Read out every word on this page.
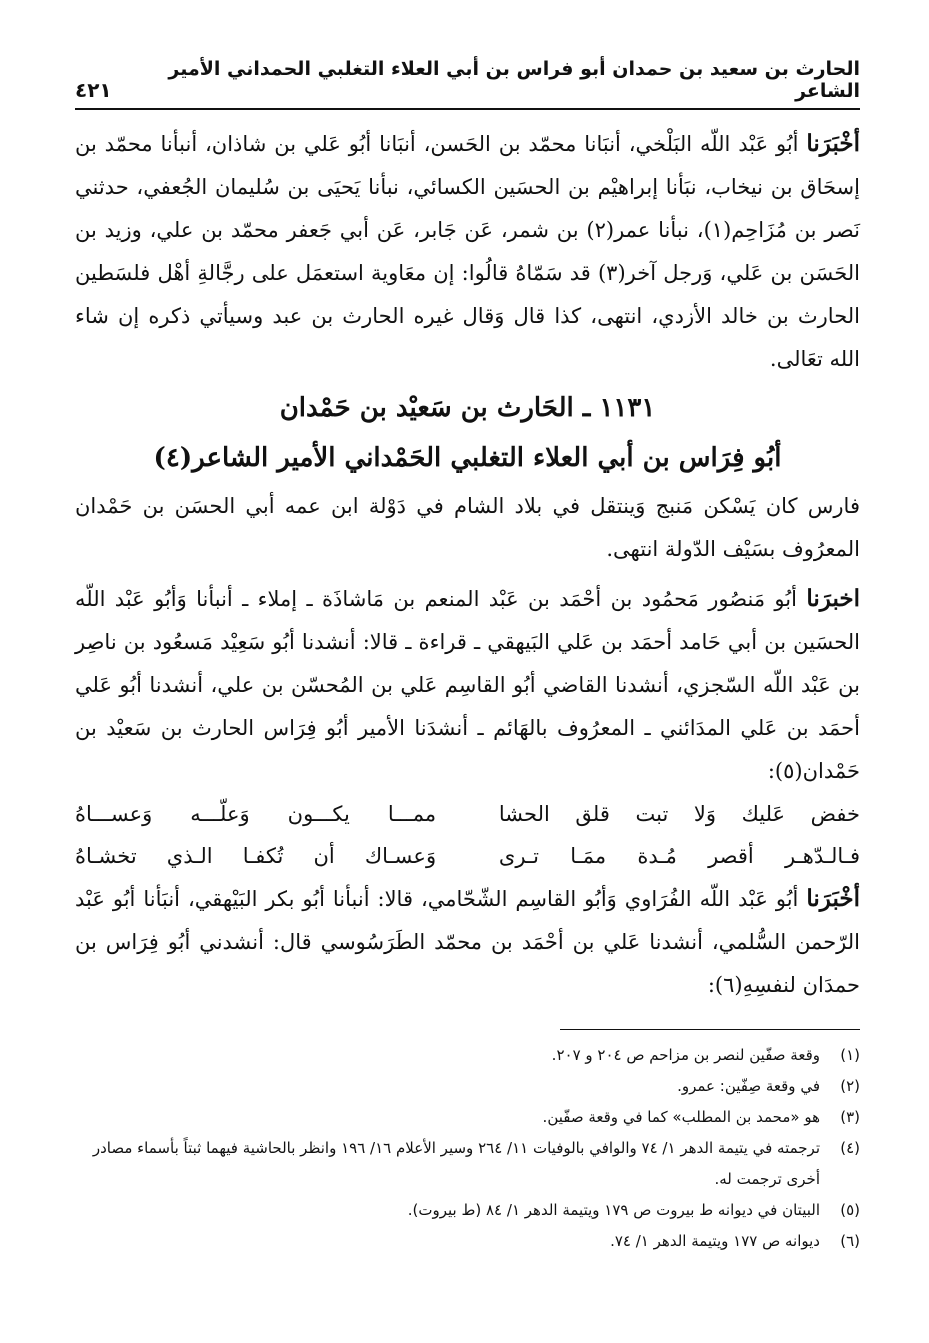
الحارث بن سعيد بن حمدان أبو فراس بن أبي العلاء التغلبي الحمداني الأمير الشاعر
٤٢١

أخْبَرَنا أبُو عَبْد اللّه البَلْخي، أنبَانا محمّد بن الحَسن، أنبَانا أبُو عَلي بن شاذان، أنبأنا محمّد بن إسحَاق بن نيخاب، نبَأنا إبراهيْم بن الحسَين الكسائي، نبأنا يَحيَى بن سُليمان الجُعفي، حدثني نَصر بن مُزَاحِم(١)، نبأنا عمر(٢) بن شمر، عَن جَابر، عَن أبي جَعفر محمّد بن علي، وزيد بن الحَسَن بن عَلي، وَرجل آخر(٣) قد سَمّاهُ قالُوا: إن معَاوية استعمَل على رجَّالةِ أهْل فلسَطين الحارث بن خالد الأزدي، انتهى، كذا قال وَقال غيره الحارث بن عبد وسيأتي ذكره إن شاء الله تعَالى.

١١٣١ ـ الحَارث بن سَعيْد بن حَمْدان
أبُو فِرَاس بن أبي العلاء التغلبي الحَمْداني الأمير الشاعر(٤)

فارس كان يَسْكن مَنبج وَينتقل في بلاد الشام في دَوْلة ابن عمه أبي الحسَن بن حَمْدان المعرُوف بسَيْف الدّولة انتهى.

اخبرَنا أبُو مَنصُور مَحمُود بن أحْمَد بن عَبْد المنعم بن مَاشاذَة ـ إملاء ـ أنبأنا وَأبُو عَبْد اللّه الحسَين بن أبي حَامد أحمَد بن عَلي البَيهقي ـ قراءة ـ قالا: أنشدنا أبُو سَعِيْد مَسعُود بن ناصِر بن عَبْد اللّه السّجزي، أنشدنا القاضي أبُو القاسِم عَلي بن المُحسّن بن علي، أنشدنا أبُو عَلي أحمَد بن عَلي المدَائني ـ المعرُوف بالهَائم ـ أنشدَنا الأمير أبُو فِرَاس الحارث بن سَعيْد بن حَمْدان(٥):

خفض عَليك وَلا تبت قلق الحشا
ممـــا يكـــون وَعلّـــه وَعســـاهُ
فـالـدّهـر أقصر مُـدة ممَـا تـرى
وَعسـاك أن تُكفـا الـذي تخشـاهُ

أخْبَرَنا أبُو عَبْد اللّه الفُرَاوي وَأبُو القاسِم الشّحّامي، قالا: أنبأنا أبُو بكر البَيْهقي، أنبَأنا أبُو عَبْد الرّحمن السُّلمي، أنشدنا عَلي بن أحْمَد بن محمّد الطَرَسُوسي قال: أنشدني أبُو فِرَاس بن حمدَان لنفسِهِ(٦):

(١)
وقعة صفّين لنصر بن مزاحم ص ٢٠٤ و ٢٠٧.
(٢)
في وقعة صِفّين: عمرو.
(٣)
هو «محمد بن المطلب» كما في وقعة صفّين.
(٤)
ترجمته في يتيمة الدهر ١/ ٧٤ والوافي بالوفيات ١١/ ٢٦٤ وسير الأعلام ١٦/ ١٩٦ وانظر بالحاشية فيهما ثبتاً بأسماء مصادر أخرى ترجمت له.
(٥)
البيتان في ديوانه ط بيروت ص ١٧٩ ويتيمة الدهر ١/ ٨٤ (ط بيروت).
(٦)
ديوانه ص ١٧٧ ويتيمة الدهر ١/ ٧٤.
